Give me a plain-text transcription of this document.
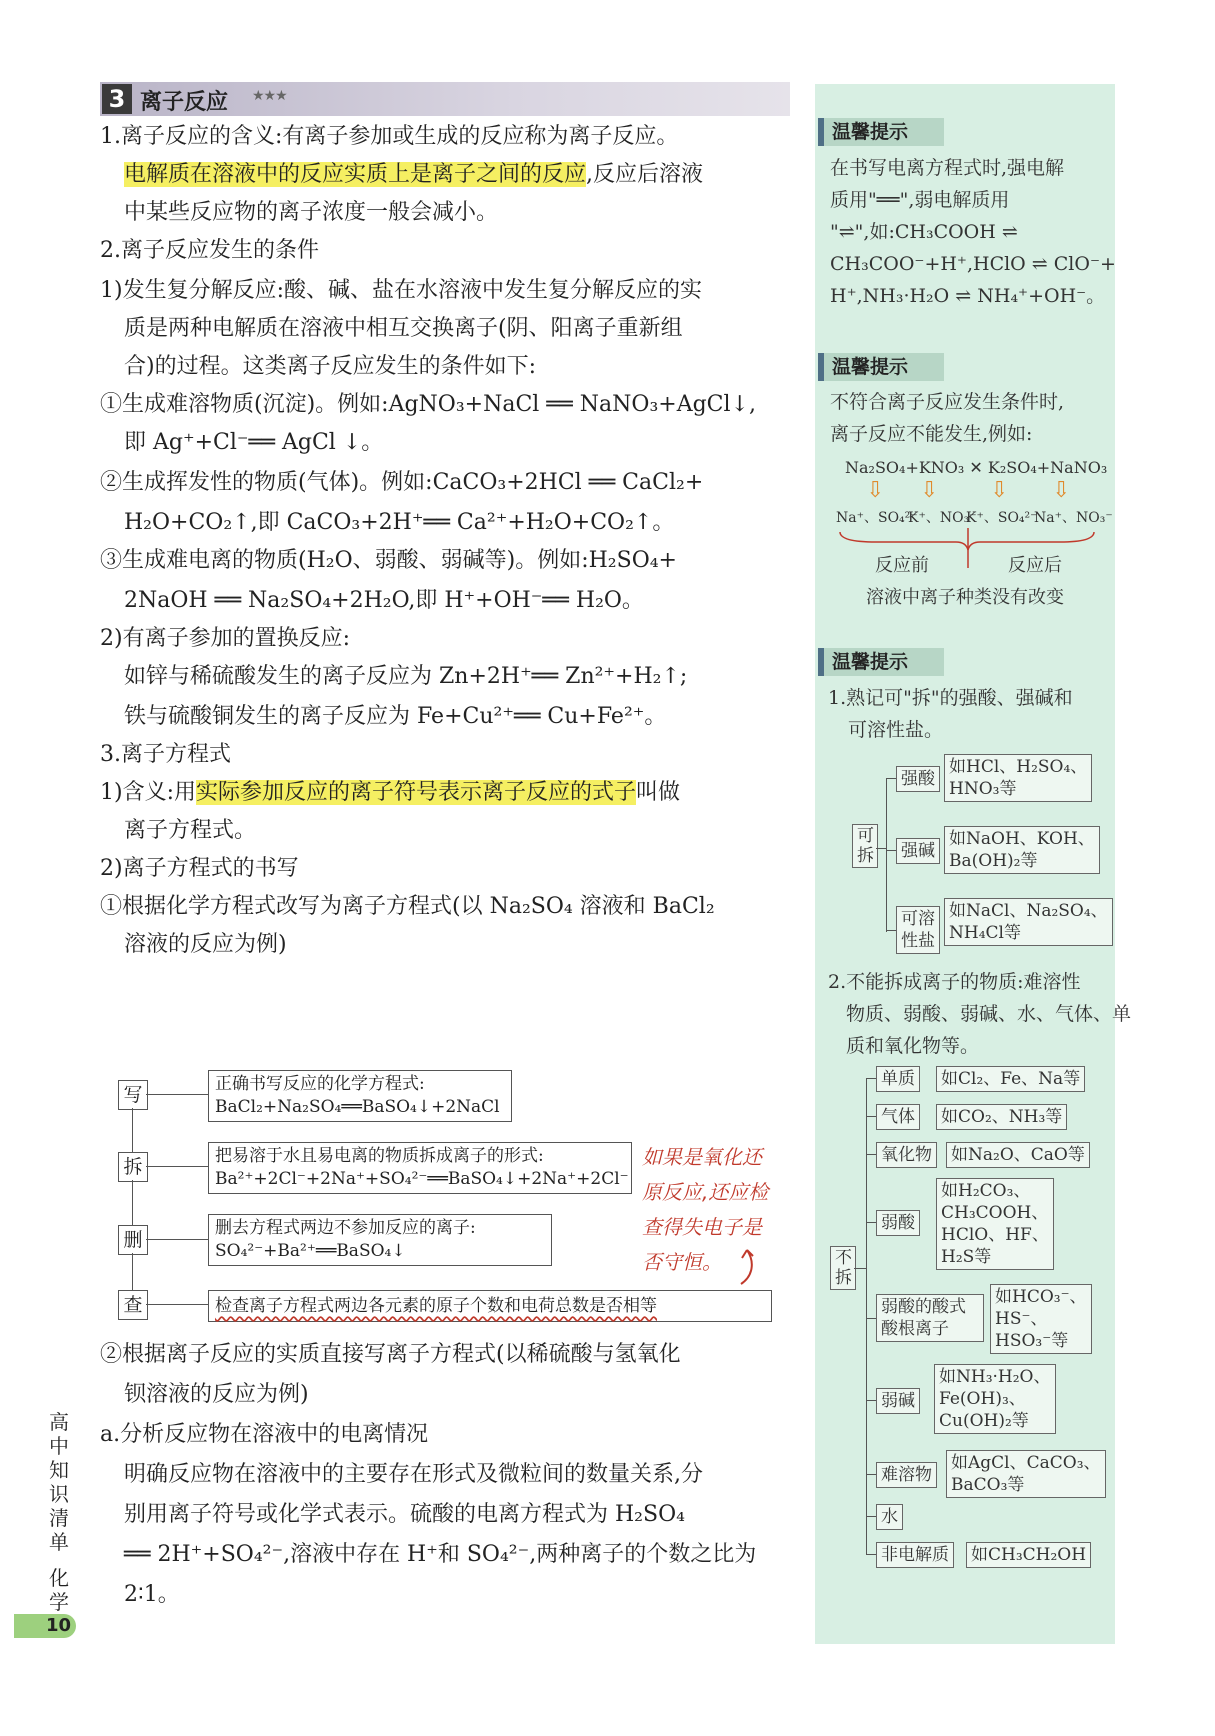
3 离子反应 ★★★

1.离子反应的含义:有离子参加或生成的反应称为离子反应。

电解质在溶液中的反应实质上是离子之间的反应,反应后溶液

中某些反应物的离子浓度一般会减小。

2.离子反应发生的条件

1)发生复分解反应:酸、碱、盐在水溶液中发生复分解反应的实

质是两种电解质在溶液中相互交换离子(阴、阳离子重新组

合)的过程。这类离子反应发生的条件如下:

①生成难溶物质(沉淀)。例如:AgNO₃+NaCl ══ NaNO₃+AgCl↓,

即 Ag⁺+Cl⁻══ AgCl ↓。

②生成挥发性的物质(气体)。例如:CaCO₃+2HCl ══ CaCl₂+

H₂O+CO₂↑,即 CaCO₃+2H⁺══ Ca²⁺+H₂O+CO₂↑。

③生成难电离的物质(H₂O、弱酸、弱碱等)。例如:H₂SO₄+

2NaOH ══ Na₂SO₄+2H₂O,即 H⁺+OH⁻══ H₂O。

2)有离子参加的置换反应:

如锌与稀硫酸发生的离子反应为 Zn+2H⁺══ Zn²⁺+H₂↑;

铁与硫酸铜发生的离子反应为 Fe+Cu²⁺══ Cu+Fe²⁺。

3.离子方程式

1)含义:用实际参加反应的离子符号表示离子反应的式子叫做

离子方程式。

2)离子方程式的书写

①根据化学方程式改写为离子方程式(以 Na₂SO₄ 溶液和 BaCl₂

溶液的反应为例)

写
拆
删
查
正确书写反应的化学方程式:
BaCl₂+Na₂SO₄══BaSO₄↓+2NaCl
把易溶于水且易电离的物质拆成离子的形式:
Ba²⁺+2Cl⁻+2Na⁺+SO₄²⁻══BaSO₄↓+2Na⁺+2Cl⁻
删去方程式两边不参加反应的离子:
SO₄²⁻+Ba²⁺══BaSO₄↓
检查离子方程式两边各元素的原子个数和电荷总数是否相等
如果是氧化还
原反应,还应检
查得失电子是
否守恒。

②根据离子反应的实质直接写离子方程式(以稀硫酸与氢氧化

钡溶液的反应为例)

a.分析反应物在溶液中的电离情况

明确反应物在溶液中的主要存在形式及微粒间的数量关系,分

别用离子符号或化学式表示。硫酸的电离方程式为 H₂SO₄

══ 2H⁺+SO₄²⁻,溶液中存在 H⁺和 SO₄²⁻,两种离子的个数之比为

2∶1。

温馨提示
在书写电离方程式时,强电解
质用"══",弱电解质用
"⇌",如:CH₃COOH ⇌
CH₃COO⁻+H⁺,HClO ⇌ ClO⁻+
H⁺,NH₃·H₂O ⇌ NH₄⁺+OH⁻。
温馨提示
不符合离子反应发生条件时,
离子反应不能发生,例如:
Na₂SO₄+KNO₃ ✕ K₂SO₄+NaNO₃
⇩ ⇩ ⇩ ⇩
Na⁺、SO₄²⁻
K⁺、NO₃⁻
K⁺、SO₄²⁻
Na⁺、NO₃⁻
反应前	反应后
溶液中离子种类没有改变
温馨提示
1.熟记可"拆"的强酸、强碱和
可溶性盐。
可拆
强酸
如HCl、H₂SO₄、
HNO₃等
强碱
如NaOH、KOH、
Ba(OH)₂等
可溶性盐
如NaCl、Na₂SO₄、
NH₄Cl等
2.不能拆成离子的物质:难溶性
物质、弱酸、弱碱、水、气体、单
质和氧化物等。
不拆
单质 如Cl₂、Fe、Na等
气体 如CO₂、NH₃等
氧化物 如Na₂O、CaO等
弱酸
如H₂CO₃、
CH₃COOH、
HClO、HF、
H₂S等
弱酸的酸式酸根离子
如HCO₃⁻、
HS⁻、
HSO₃⁻等
弱碱
如NH₃·H₂O、
Fe(OH)₃、
Cu(OH)₂等
难溶物
如AgCl、CaCO₃、
BaCO₃等
水
非电解质 如CH₃CH₂OH
高中知识清单
化学
10
